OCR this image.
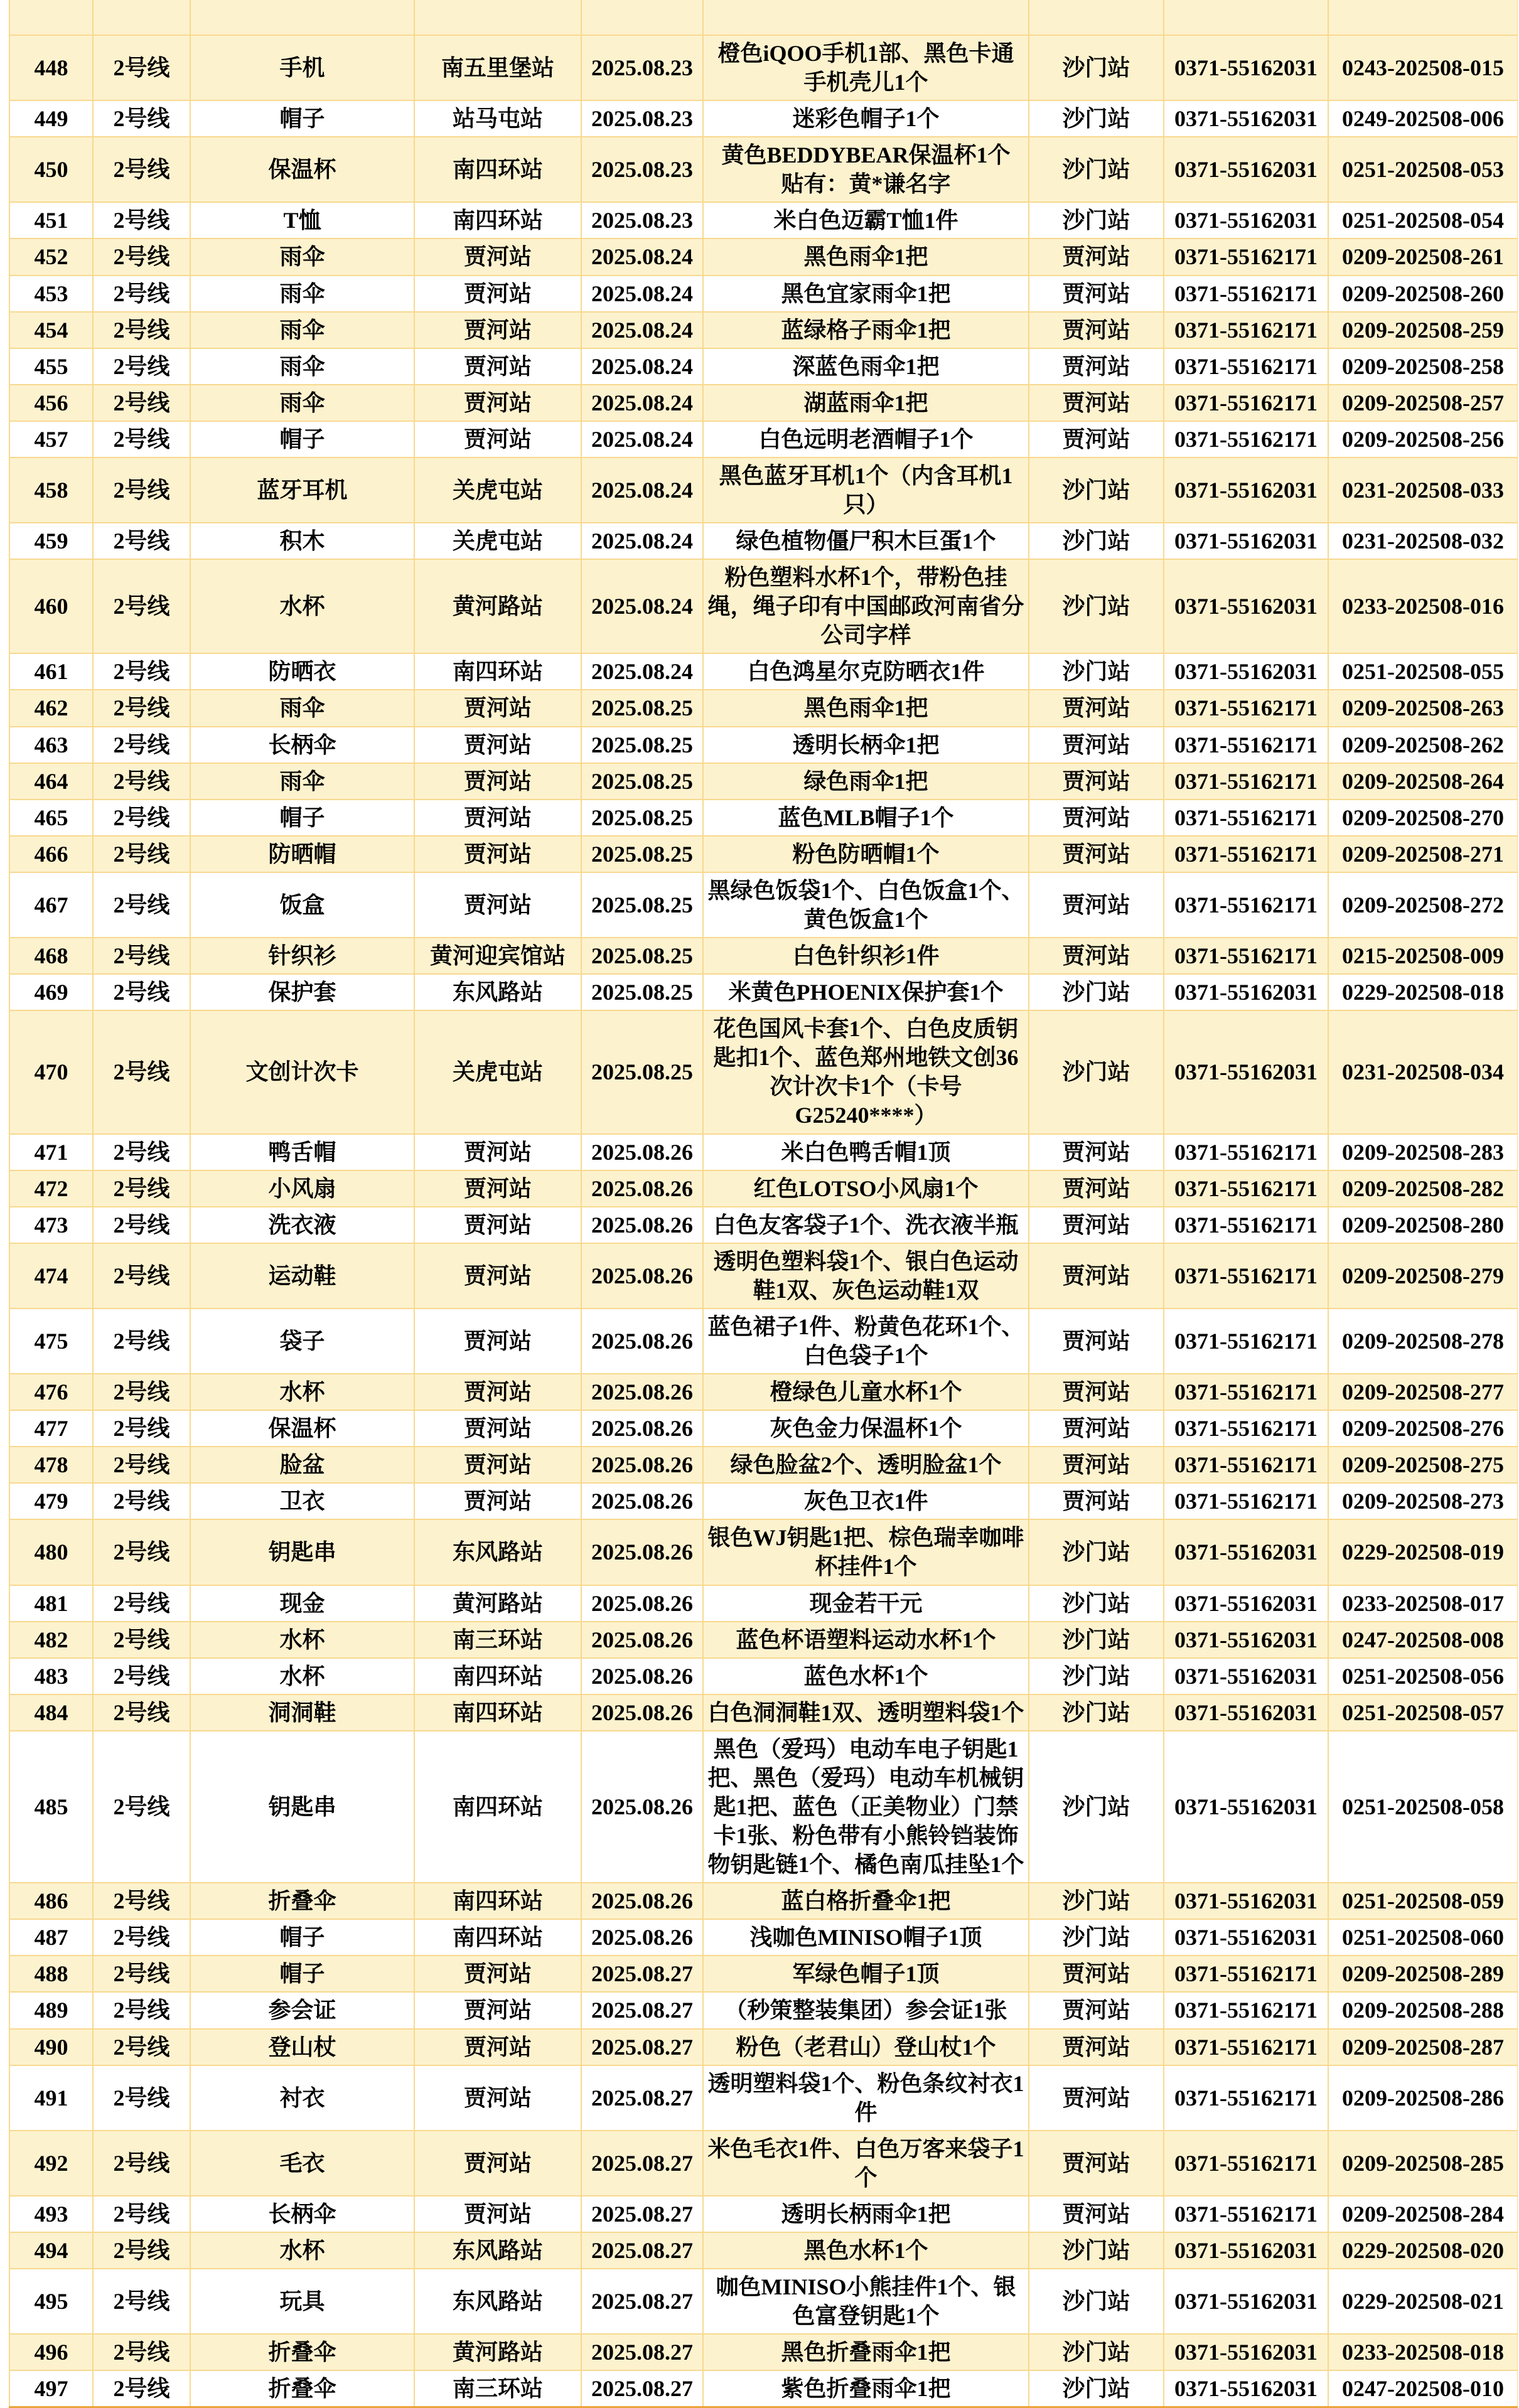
448	2号线	手机	南五里堡站	2025.08.23	橙色iQOO手机1部、黑色卡通手机壳儿1个	沙门站	0371-55162031	0243-202508-015
449	2号线	帽子	站马屯站	2025.08.23	迷彩色帽子1个	沙门站	0371-55162031	0249-202508-006
450	2号线	保温杯	南四环站	2025.08.23	黄色BEDDYBEAR保温杯1个 贴有：黄*谦名字	沙门站	0371-55162031	0251-202508-053
451	2号线	T恤	南四环站	2025.08.23	米白色迈霸T恤1件	沙门站	0371-55162031	0251-202508-054
452	2号线	雨伞	贾河站	2025.08.24	黑色雨伞1把	贾河站	0371-55162171	0209-202508-261
453	2号线	雨伞	贾河站	2025.08.24	黑色宜家雨伞1把	贾河站	0371-55162171	0209-202508-260
454	2号线	雨伞	贾河站	2025.08.24	蓝绿格子雨伞1把	贾河站	0371-55162171	0209-202508-259
455	2号线	雨伞	贾河站	2025.08.24	深蓝色雨伞1把	贾河站	0371-55162171	0209-202508-258
456	2号线	雨伞	贾河站	2025.08.24	湖蓝雨伞1把	贾河站	0371-55162171	0209-202508-257
457	2号线	帽子	贾河站	2025.08.24	白色远明老酒帽子1个	贾河站	0371-55162171	0209-202508-256
458	2号线	蓝牙耳机	关虎屯站	2025.08.24	黑色蓝牙耳机1个（内含耳机1只）	沙门站	0371-55162031	0231-202508-033
459	2号线	积木	关虎屯站	2025.08.24	绿色植物僵尸积木巨蛋1个	沙门站	0371-55162031	0231-202508-032
460	2号线	水杯	黄河路站	2025.08.24	粉色塑料水杯1个，带粉色挂绳，绳子印有中国邮政河南省分公司字样	沙门站	0371-55162031	0233-202508-016
461	2号线	防晒衣	南四环站	2025.08.24	白色鸿星尔克防晒衣1件	沙门站	0371-55162031	0251-202508-055
462	2号线	雨伞	贾河站	2025.08.25	黑色雨伞1把	贾河站	0371-55162171	0209-202508-263
463	2号线	长柄伞	贾河站	2025.08.25	透明长柄伞1把	贾河站	0371-55162171	0209-202508-262
464	2号线	雨伞	贾河站	2025.08.25	绿色雨伞1把	贾河站	0371-55162171	0209-202508-264
465	2号线	帽子	贾河站	2025.08.25	蓝色MLB帽子1个	贾河站	0371-55162171	0209-202508-270
466	2号线	防晒帽	贾河站	2025.08.25	粉色防晒帽1个	贾河站	0371-55162171	0209-202508-271
467	2号线	饭盒	贾河站	2025.08.25	黑绿色饭袋1个、白色饭盒1个、黄色饭盒1个	贾河站	0371-55162171	0209-202508-272
468	2号线	针织衫	黄河迎宾馆站	2025.08.25	白色针织衫1件	贾河站	0371-55162171	0215-202508-009
469	2号线	保护套	东风路站	2025.08.25	米黄色PHOENIX保护套1个	沙门站	0371-55162031	0229-202508-018
470	2号线	文创计次卡	关虎屯站	2025.08.25	花色国风卡套1个、白色皮质钥匙扣1个、蓝色郑州地铁文创36次计次卡1个（卡号G25240****）	沙门站	0371-55162031	0231-202508-034
471	2号线	鸭舌帽	贾河站	2025.08.26	米白色鸭舌帽1顶	贾河站	0371-55162171	0209-202508-283
472	2号线	小风扇	贾河站	2025.08.26	红色LOTSO小风扇1个	贾河站	0371-55162171	0209-202508-282
473	2号线	洗衣液	贾河站	2025.08.26	白色友客袋子1个、洗衣液半瓶	贾河站	0371-55162171	0209-202508-280
474	2号线	运动鞋	贾河站	2025.08.26	透明色塑料袋1个、银白色运动鞋1双、灰色运动鞋1双	贾河站	0371-55162171	0209-202508-279
475	2号线	袋子	贾河站	2025.08.26	蓝色裙子1件、粉黄色花环1个、白色袋子1个	贾河站	0371-55162171	0209-202508-278
476	2号线	水杯	贾河站	2025.08.26	橙绿色儿童水杯1个	贾河站	0371-55162171	0209-202508-277
477	2号线	保温杯	贾河站	2025.08.26	灰色金力保温杯1个	贾河站	0371-55162171	0209-202508-276
478	2号线	脸盆	贾河站	2025.08.26	绿色脸盆2个、透明脸盆1个	贾河站	0371-55162171	0209-202508-275
479	2号线	卫衣	贾河站	2025.08.26	灰色卫衣1件	贾河站	0371-55162171	0209-202508-273
480	2号线	钥匙串	东风路站	2025.08.26	银色WJ钥匙1把、棕色瑞幸咖啡杯挂件1个	沙门站	0371-55162031	0229-202508-019
481	2号线	现金	黄河路站	2025.08.26	现金若干元	沙门站	0371-55162031	0233-202508-017
482	2号线	水杯	南三环站	2025.08.26	蓝色杯语塑料运动水杯1个	沙门站	0371-55162031	0247-202508-008
483	2号线	水杯	南四环站	2025.08.26	蓝色水杯1个	沙门站	0371-55162031	0251-202508-056
484	2号线	洞洞鞋	南四环站	2025.08.26	白色洞洞鞋1双、透明塑料袋1个	沙门站	0371-55162031	0251-202508-057
485	2号线	钥匙串	南四环站	2025.08.26	黑色（爱玛）电动车电子钥匙1把、黑色（爱玛）电动车机械钥匙1把、蓝色（正美物业）门禁卡1张、粉色带有小熊铃铛装饰物钥匙链1个、橘色南瓜挂坠1个	沙门站	0371-55162031	0251-202508-058
486	2号线	折叠伞	南四环站	2025.08.26	蓝白格折叠伞1把	沙门站	0371-55162031	0251-202508-059
487	2号线	帽子	南四环站	2025.08.26	浅咖色MINISO帽子1顶	沙门站	0371-55162031	0251-202508-060
488	2号线	帽子	贾河站	2025.08.27	军绿色帽子1顶	贾河站	0371-55162171	0209-202508-289
489	2号线	参会证	贾河站	2025.08.27	（秒策整装集团）参会证1张	贾河站	0371-55162171	0209-202508-288
490	2号线	登山杖	贾河站	2025.08.27	粉色（老君山）登山杖1个	贾河站	0371-55162171	0209-202508-287
491	2号线	衬衣	贾河站	2025.08.27	透明塑料袋1个、粉色条纹衬衣1件	贾河站	0371-55162171	0209-202508-286
492	2号线	毛衣	贾河站	2025.08.27	米色毛衣1件、白色万客来袋子1个	贾河站	0371-55162171	0209-202508-285
493	2号线	长柄伞	贾河站	2025.08.27	透明长柄雨伞1把	贾河站	0371-55162171	0209-202508-284
494	2号线	水杯	东风路站	2025.08.27	黑色水杯1个	沙门站	0371-55162031	0229-202508-020
495	2号线	玩具	东风路站	2025.08.27	咖色MINISO小熊挂件1个、银色富登钥匙1个	沙门站	0371-55162031	0229-202508-021
496	2号线	折叠伞	黄河路站	2025.08.27	黑色折叠雨伞1把	沙门站	0371-55162031	0233-202508-018
497	2号线	折叠伞	南三环站	2025.08.27	紫色折叠雨伞1把	沙门站	0371-55162031	0247-202508-010
